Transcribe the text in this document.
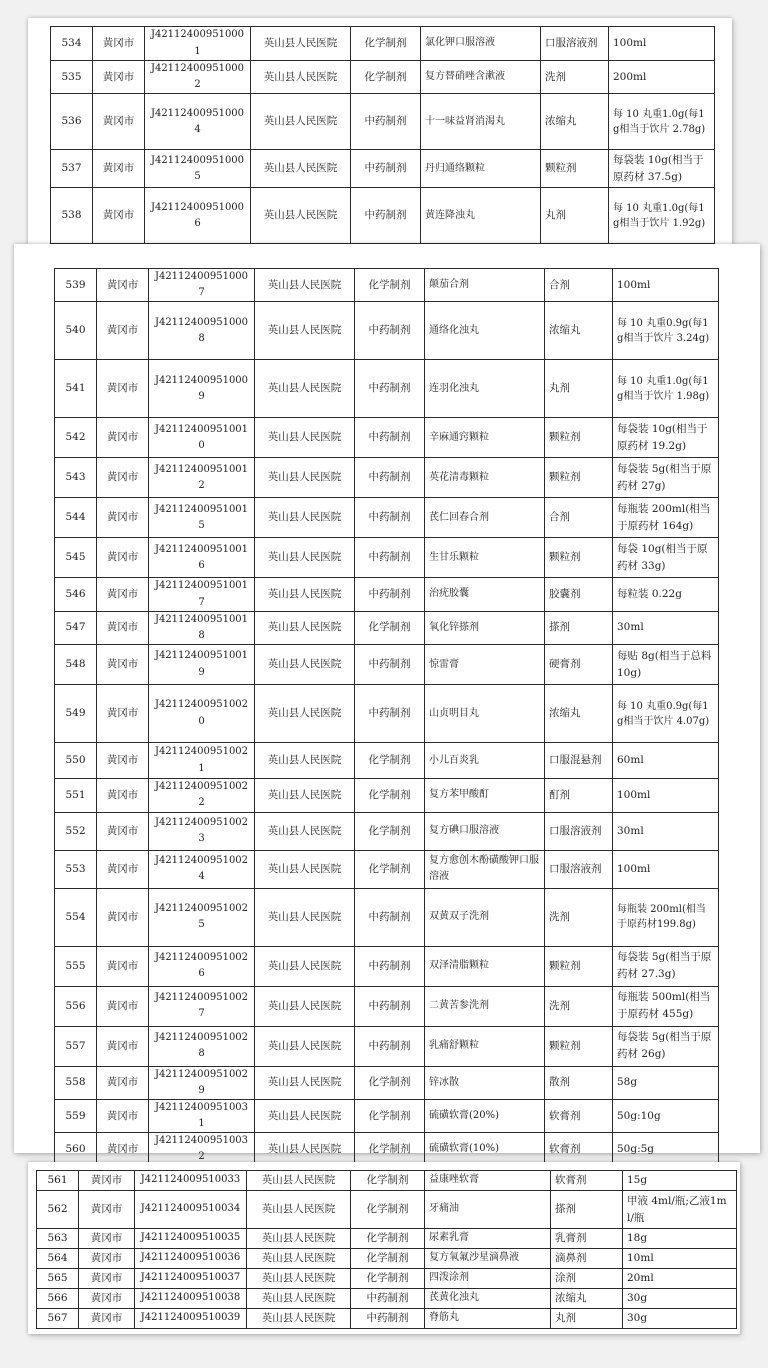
534	黄冈市	J421124009510001	英山县人民医院	化学制剂	氯化钾口服溶液	口服溶液剂	100ml
535	黄冈市	J421124009510002	英山县人民医院	化学制剂	复方替硝唑含漱液	洗剂	200ml
536	黄冈市	J421124009510004	英山县人民医院	中药制剂	十一味益肾消渴丸	浓缩丸	每 10 丸重1.0g(每1g相当于饮片 2.78g)
537	黄冈市	J421124009510005	英山县人民医院	中药制剂	丹归通络颗粒	颗粒剂	每袋装 10g(相当于原药材 37.5g)
538	黄冈市	J421124009510006	英山县人民医院	中药制剂	黄连降浊丸	丸剂	每 10 丸重1.0g(每1g相当于饮片 1.92g)
539	黄冈市	J421124009510007	英山县人民医院	化学制剂	颠茄合剂	合剂	100ml
540	黄冈市	J421124009510008	英山县人民医院	中药制剂	通络化浊丸	浓缩丸	每 10 丸重0.9g(每1g相当于饮片 3.24g)
541	黄冈市	J421124009510009	英山县人民医院	中药制剂	连羽化浊丸	丸剂	每 10 丸重1.0g(每1g相当于饮片 1.98g)
542	黄冈市	J421124009510010	英山县人民医院	中药制剂	辛麻通窍颗粒	颗粒剂	每袋装 10g(相当于原药材 19.2g)
543	黄冈市	J421124009510012	英山县人民医院	中药制剂	英花清毒颗粒	颗粒剂	每袋装 5g(相当于原药材 27g)
544	黄冈市	J421124009510015	英山县人民医院	中药制剂	芪仁回春合剂	合剂	每瓶装 200ml(相当于原药材 164g)
545	黄冈市	J421124009510016	英山县人民医院	中药制剂	生甘乐颗粒	颗粒剂	每袋 10g(相当于原药材 33g)
546	黄冈市	J421124009510017	英山县人民医院	中药制剂	治疣胶囊	胶囊剂	每粒装 0.22g
547	黄冈市	J421124009510018	英山县人民医院	化学制剂	氧化锌搽剂	搽剂	30ml
548	黄冈市	J421124009510019	英山县人民医院	中药制剂	惊雷膏	硬膏剂	每贴 8g(相当于总料 10g)
549	黄冈市	J421124009510020	英山县人民医院	中药制剂	山贞明目丸	浓缩丸	每 10 丸重0.9g(每1g相当于饮片 4.07g)
550	黄冈市	J421124009510021	英山县人民医院	化学制剂	小儿百炎乳	口服混悬剂	60ml
551	黄冈市	J421124009510022	英山县人民医院	化学制剂	复方苯甲酸酊	酊剂	100ml
552	黄冈市	J421124009510023	英山县人民医院	化学制剂	复方碘口服溶液	口服溶液剂	30ml
553	黄冈市	J421124009510024	英山县人民医院	化学制剂	复方愈创木酚磺酸钾口服溶液	口服溶液剂	100ml
554	黄冈市	J421124009510025	英山县人民医院	中药制剂	双黄双子洗剂	洗剂	每瓶装 200ml(相当于原药材199.8g)
555	黄冈市	J421124009510026	英山县人民医院	中药制剂	双泽清脂颗粒	颗粒剂	每袋装 5g(相当于原药材 27.3g)
556	黄冈市	J421124009510027	英山县人民医院	中药制剂	二黄苦参洗剂	洗剂	每瓶装 500ml(相当于原药材 455g)
557	黄冈市	J421124009510028	英山县人民医院	中药制剂	乳痛舒颗粒	颗粒剂	每袋装 5g(相当于原药材 26g)
558	黄冈市	J421124009510029	英山县人民医院	化学制剂	锌冰散	散剂	58g
559	黄冈市	J421124009510031	英山县人民医院	化学制剂	硫磺软膏(20%)	软膏剂	50g:10g
560	黄冈市	J421124009510032	英山县人民医院	化学制剂	硫磺软膏(10%)	软膏剂	50g:5g
561	黄冈市	J421124009510033	英山县人民医院	化学制剂	益康唑软膏	软膏剂	15g
562	黄冈市	J421124009510034	英山县人民医院	化学制剂	牙痛油	搽剂	甲液 4ml/瓶;乙液1ml/瓶
563	黄冈市	J421124009510035	英山县人民医院	化学制剂	尿素乳膏	乳膏剂	18g
564	黄冈市	J421124009510036	英山县人民医院	化学制剂	复方氧氟沙星滴鼻液	滴鼻剂	10ml
565	黄冈市	J421124009510037	英山县人民医院	化学制剂	四泼涂剂	涂剂	20ml
566	黄冈市	J421124009510038	英山县人民医院	中药制剂	芪黄化浊丸	浓缩丸	30g
567	黄冈市	J421124009510039	英山县人民医院	中药制剂	脊筋丸	丸剂	30g
